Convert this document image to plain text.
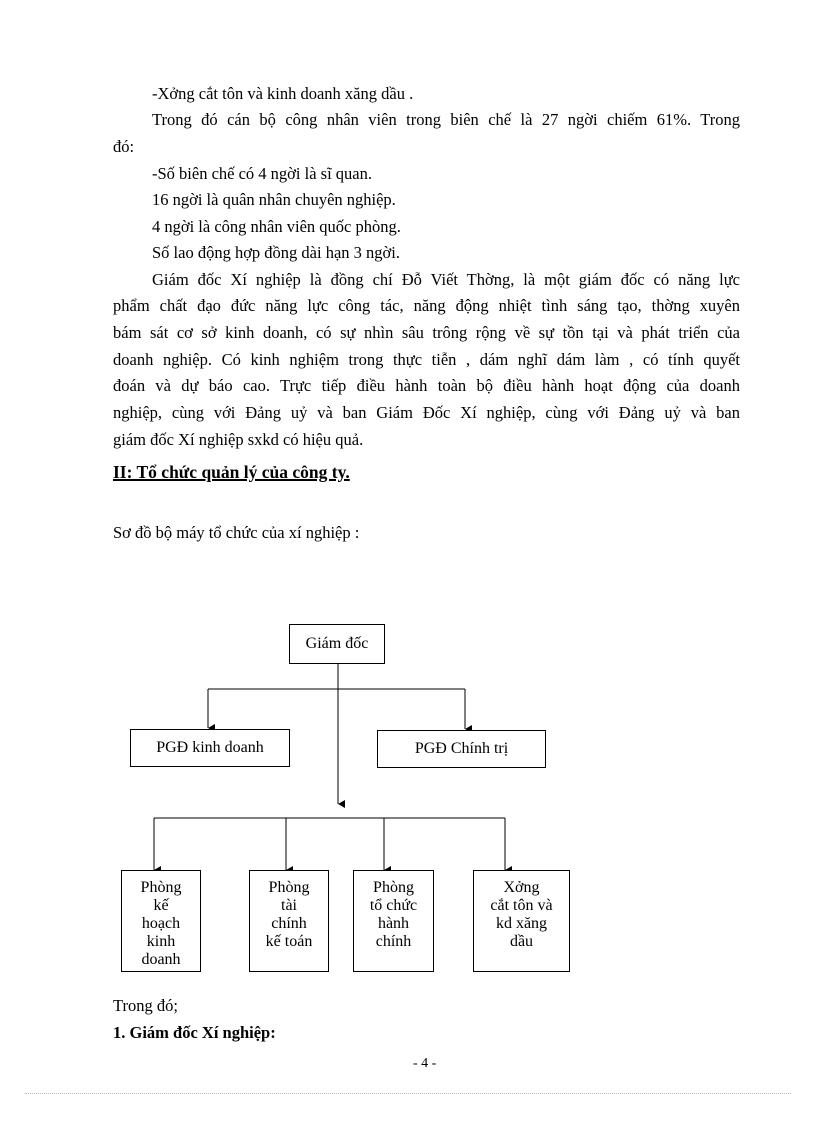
-Xởng cắt tôn và kinh doanh xăng dầu .
Trong đó cán bộ công nhân viên trong biên chế là 27 ngời chiếm 61%. Trong
đó:
-Số biên chế có 4 ngời là sĩ quan.
16 ngời là quân nhân chuyên nghiệp.
4 ngời là công nhân viên quốc phòng.
Số lao động hợp đồng dài hạn 3 ngời.
Giám đốc Xí nghiệp là đồng chí Đỗ Viết Thờng, là một giám đốc có năng lực
phẩm chất đạo đức năng lực công tác, năng động nhiệt tình sáng tạo, thờng xuyên
bám sát cơ sở kinh doanh, có sự nhìn sâu trông rộng về sự tồn tại và phát triển của
doanh nghiệp. Có kinh nghiệm trong thực tiễn , dám nghĩ dám làm , có tính quyết
đoán và dự báo cao. Trực tiếp điều hành toàn bộ điều hành hoạt động của doanh
nghiệp, cùng với Đảng uỷ và ban Giám Đốc Xí nghiệp, cùng với Đảng uỷ và ban
giám đốc Xí nghiệp sxkd có hiệu quả.
II: Tổ chức quản lý của công ty.
Sơ đồ bộ máy tổ chức của xí nghiệp :
Giám đốc
PGĐ kinh doanh	PGĐ Chính trị
Phòng
kế
hoạch
kinh
doanh
Phòng
tài
chính
kế toán
Phòng
tổ chức
hành
chính
Xởng
cắt tôn và
kd xăng
dầu
Trong đó;
1. Giám đốc Xí nghiệp:
- 4 -
